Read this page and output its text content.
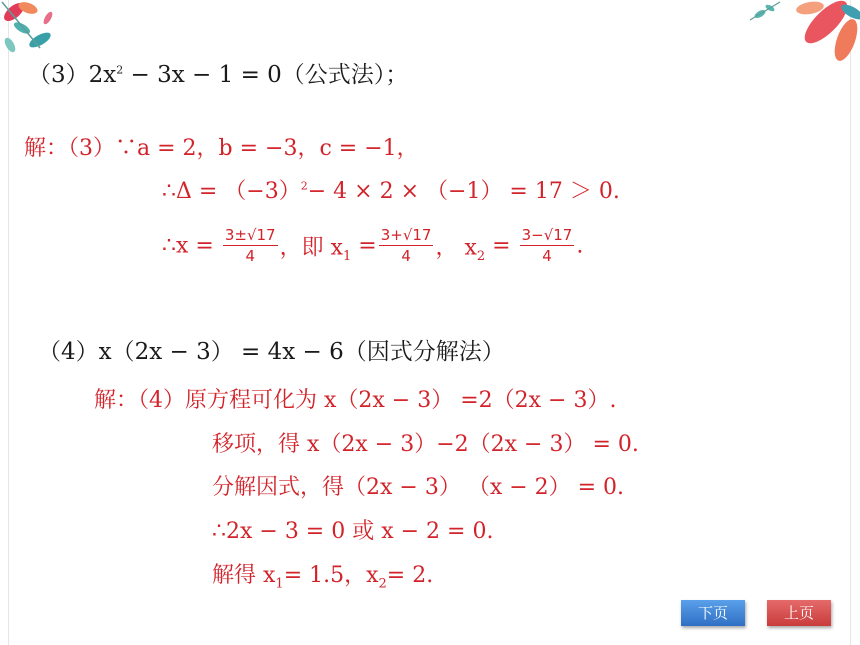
$(3)2x^2 - 3x - 1 = 0$（公式法）；
解：（3）∵a = 2，b = −3，c = −1，
∴Δ = $(-3)^2- 4 \times 2 \times (-1) = 17 > 0$.
∴x = $\frac{3\pm√17}{4}$ ，即 $x_1 = \frac{3+√17}{4}$ ， $x_2 = \frac{3-√17}{4}$ .
（4）x（2x − 3） = 4x − 6（因式分解法）
解：（4）原方程可化为 x（2x − 3） =2（2x − 3）.
移项，得 x（2x − 3）−2（2x − 3） = 0.
分解因式，得（2x − 3） （x − 2） = 0.
∴2x − 3 = 0 或 x − 2 = 0.
解得 $x_1= 1.5$，$x_2= 2$.
下页	上页
